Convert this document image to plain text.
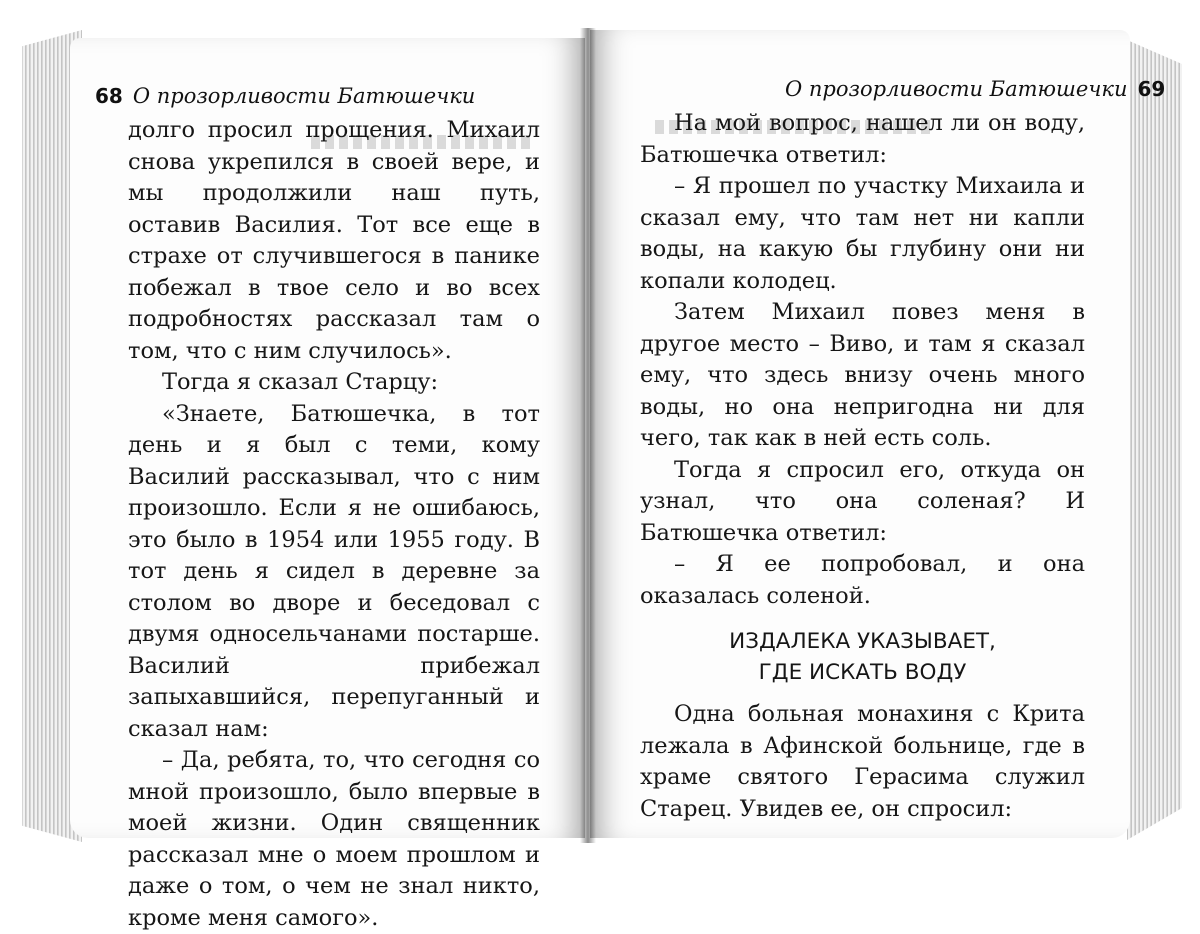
68 О прозорливости Батюшечки	О прозорливости Батюшечки 69

долго просил прощения. Михаил снова укрепился в своей вере, и мы продолжили наш путь, оставив Василия. Тот все еще в страхе от случившегося в панике побежал в твое село и во всех подробностях рассказал там о том, что с ним случилось».

Тогда я сказал Старцу:

«Знаете, Батюшечка, в тот день и я был с теми, кому Василий рассказывал, что с ним произошло. Если я не ошибаюсь, это было в 1954 или 1955 году. В тот день я сидел в деревне за столом во дворе и беседовал с двумя односельчанами постарше. Василий прибежал запыхавшийся, перепуганный и сказал нам:

– Да, ребята, то, что сегодня со мной произошло, было впервые в моей жизни. Один священник рассказал мне о моем прошлом и даже о том, о чем не знал никто, кроме меня самого».

На мой вопрос, нашел ли он воду, Батюшечка ответил:

– Я прошел по участку Михаила и сказал ему, что там нет ни капли воды, на какую бы глубину они ни копали колодец.

Затем Михаил повез меня в другое место – Виво, и там я сказал ему, что здесь внизу очень много воды, но она непригодна ни для чего, так как в ней есть соль.

Тогда я спросил его, откуда он узнал, что она соленая? И Батюшечка ответил:

– Я ее попробовал, и она оказалась соленой.

ИЗДАЛЕКА УКАЗЫВАЕТ,
ГДЕ ИСКАТЬ ВОДУ

Одна больная монахиня с Крита лежала в Афинской больнице, где в храме святого Герасима служил Старец. Увидев ее, он спросил:
